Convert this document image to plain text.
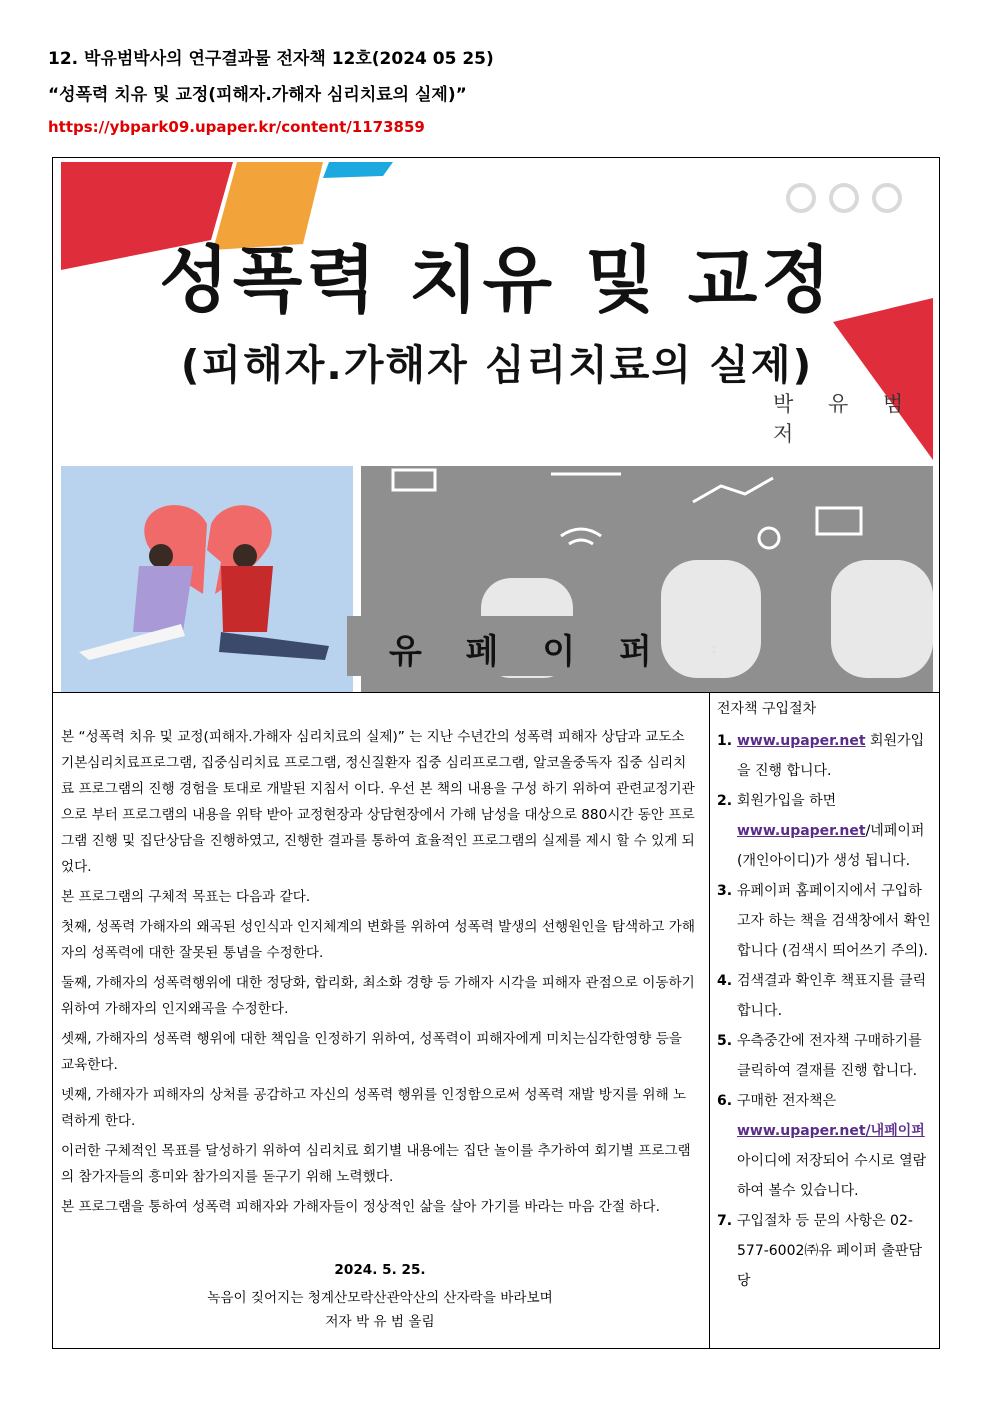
12. 박유범박사의 연구결과물 전자책 12호(2024 05 25)
“성폭력 치유 및 교정(피해자.가해자 심리치료의 실제)”
https://ybpark09.upaper.kr/content/1173859
성폭력 치유 및 교정
(피해자.가해자 심리치료의 실제)
박 유 범 저
유 페 이 퍼	1

본 “성폭력 치유 및 교정(피해자.가해자 심리치료의 실제)” 는 지난 수년간의 성폭력 피해자 상담과 교도소 기본심리치료프로그램, 집중심리치료 프로그램, 정신질환자 집중 심리프로그램, 알코올중독자 집중 심리치료 프로그램의 진행 경험을 토대로 개발된 지침서 이다. 우선 본 책의 내용을 구성 하기 위하여 관련교정기관으로 부터 프로그램의 내용을 위탁 받아 교정현장과 상담현장에서 가해 남성을 대상으로 880시간 동안 프로그램 진행 및 집단상담을 진행하였고, 진행한 결과를 통하여 효율적인 프로그램의 실제를 제시 할 수 있게 되었다.

본 프로그램의 구체적 목표는 다음과 같다.

첫째, 성폭력 가해자의 왜곡된 성인식과 인지체계의 변화를 위하여 성폭력 발생의 선행원인을 탐색하고 가해자의 성폭력에 대한 잘못된 통념을 수정한다.

둘째, 가해자의 성폭력행위에 대한 정당화, 합리화, 최소화 경향 등 가해자 시각을 피해자 관점으로 이동하기 위하여 가해자의 인지왜곡을 수정한다.

셋째, 가해자의 성폭력 행위에 대한 책임을 인정하기 위하여, 성폭력이 피해자에게 미치는심각한영향 등을 교육한다.

넷째, 가해자가 피해자의 상처를 공감하고 자신의 성폭력 행위를 인정함으로써 성폭력 재발 방지를 위해 노력하게 한다.

이러한 구체적인 목표를 달성하기 위하여 심리치료 회기별 내용에는 집단 놀이를 추가하여 회기별 프로그램의 참가자들의 흥미와 참가의지를 돋구기 위해 노력했다.

본 프로그램을 통하여 성폭력 피해자와 가해자들이 정상적인 삶을 살아 가기를 바라는 마음 간절 하다.

2024. 5. 25.
녹음이 짖어지는 청계산모락산관악산의 산자락을 바라보며
저자 박 유 범 올림
전자책 구입절차
1. www.upaper.net 회원가입을 진행 합니다.
2. 회원가입을 하면 www.upaper.net/네페이퍼(개인아이디)가 생성 됩니다.
3. 유페이퍼 홈페이지에서 구입하고자 하는 책을 검색창에서 확인 합니다 (검색시 띄어쓰기 주의).
4. 검색결과 확인후 책표지를 클릭 합니다.
5. 우측중간에 전자책 구매하기를 클릭하여 결재를 진행 합니다.
6. 구매한 전자책은 www.upaper.net/내페이퍼 아이디에 저장되어 수시로 열람하여 볼수 있습니다.
7. 구입절차 등 문의 사항은 02-577-6002㈜유 페이퍼 출판담당
